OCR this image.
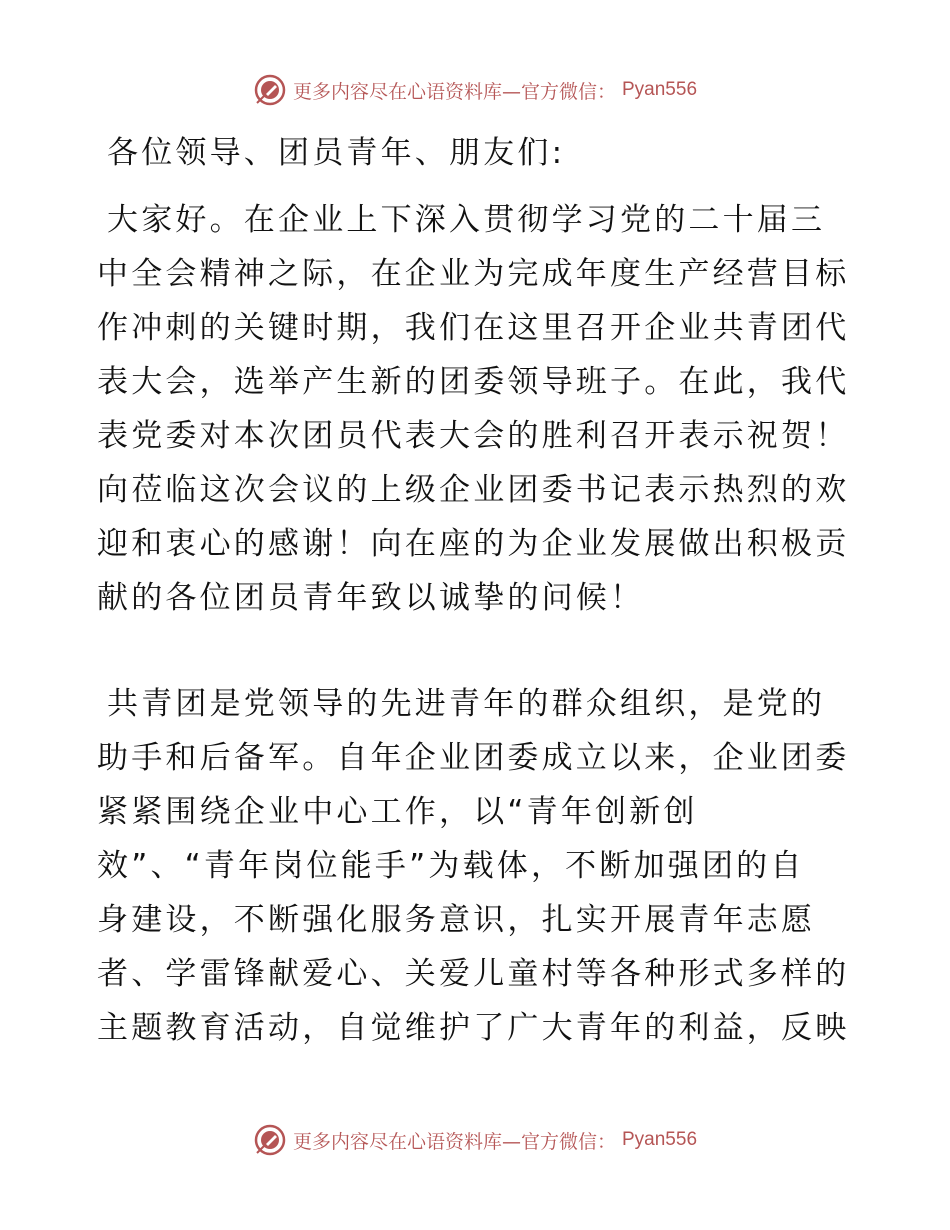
更多内容尽在心语资料库—官方微信： Pyan556

各位领导、团员青年、朋友们:

大家好。在企业上下深入贯彻学习党的二十届三
中全会精神之际，在企业为完成年度生产经营目标
作冲刺的关键时期，我们在这里召开企业共青团代
表大会，选举产生新的团委领导班子。在此，我代
表党委对本次团员代表大会的胜利召开表示祝贺！
向莅临这次会议的上级企业团委书记表示热烈的欢
迎和衷心的感谢！向在座的为企业发展做出积极贡
献的各位团员青年致以诚挚的问候！
共青团是党领导的先进青年的群众组织，是党的
助手和后备军。自年企业团委成立以来，企业团委
紧紧围绕企业中心工作，以“青年创新创
效”、“青年岗位能手”为载体，不断加强团的自
身建设，不断强化服务意识，扎实开展青年志愿
者、学雷锋献爱心、关爱儿童村等各种形式多样的
主题教育活动，自觉维护了广大青年的利益，反映
更多内容尽在心语资料库—官方微信： Pyan556
